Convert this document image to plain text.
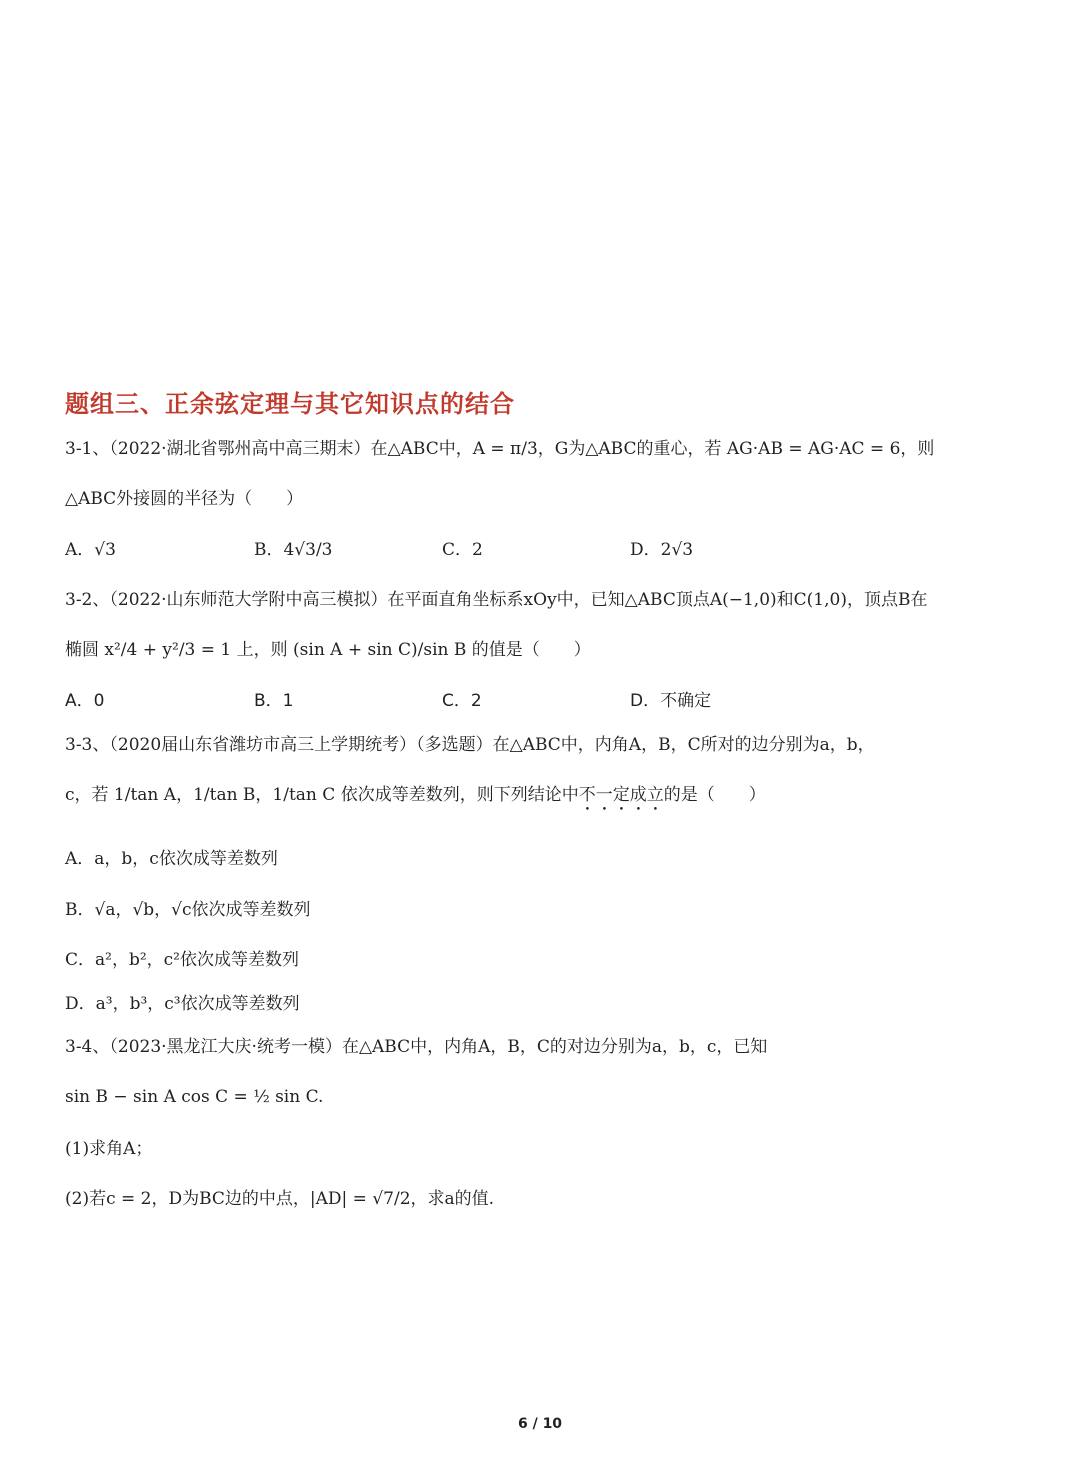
题组三、正余弦定理与其它知识点的结合
3-1、（2022·湖北省鄂州高中高三期末）在△ABC中，A = π/3，G为△ABC的重心，若 AG·AB = AG·AC = 6，则
△ABC外接圆的半径为（　　）
A．√3	B．4√3/3	C．2	D．2√3
3-2、（2022·山东师范大学附中高三模拟）在平面直角坐标系xOy中，已知△ABC顶点A(−1,0)和C(1,0)，顶点B在
椭圆 x²/4 + y²/3 = 1 上，则 (sin A + sin C)/sin B 的值是（　　）
A．0	B．1	C．2	D．不确定
3-3、（2020届山东省潍坊市高三上学期统考）（多选题）在△ABC中，内角A，B，C所对的边分别为a，b，
c，若 1/tan A，1/tan B，1/tan C 依次成等差数列，则下列结论中不一定成立的是（　　）
A．a，b，c依次成等差数列
B．√a，√b，√c依次成等差数列
C．a²，b²，c²依次成等差数列
D．a³，b³，c³依次成等差数列
3-4、（2023·黑龙江大庆·统考一模）在△ABC中，内角A，B，C的对边分别为a，b，c，已知
sin B − sin A cos C = ½ sin C.
(1)求角A；
(2)若c = 2，D为BC边的中点，|AD| = √7/2，求a的值.
6 / 10
